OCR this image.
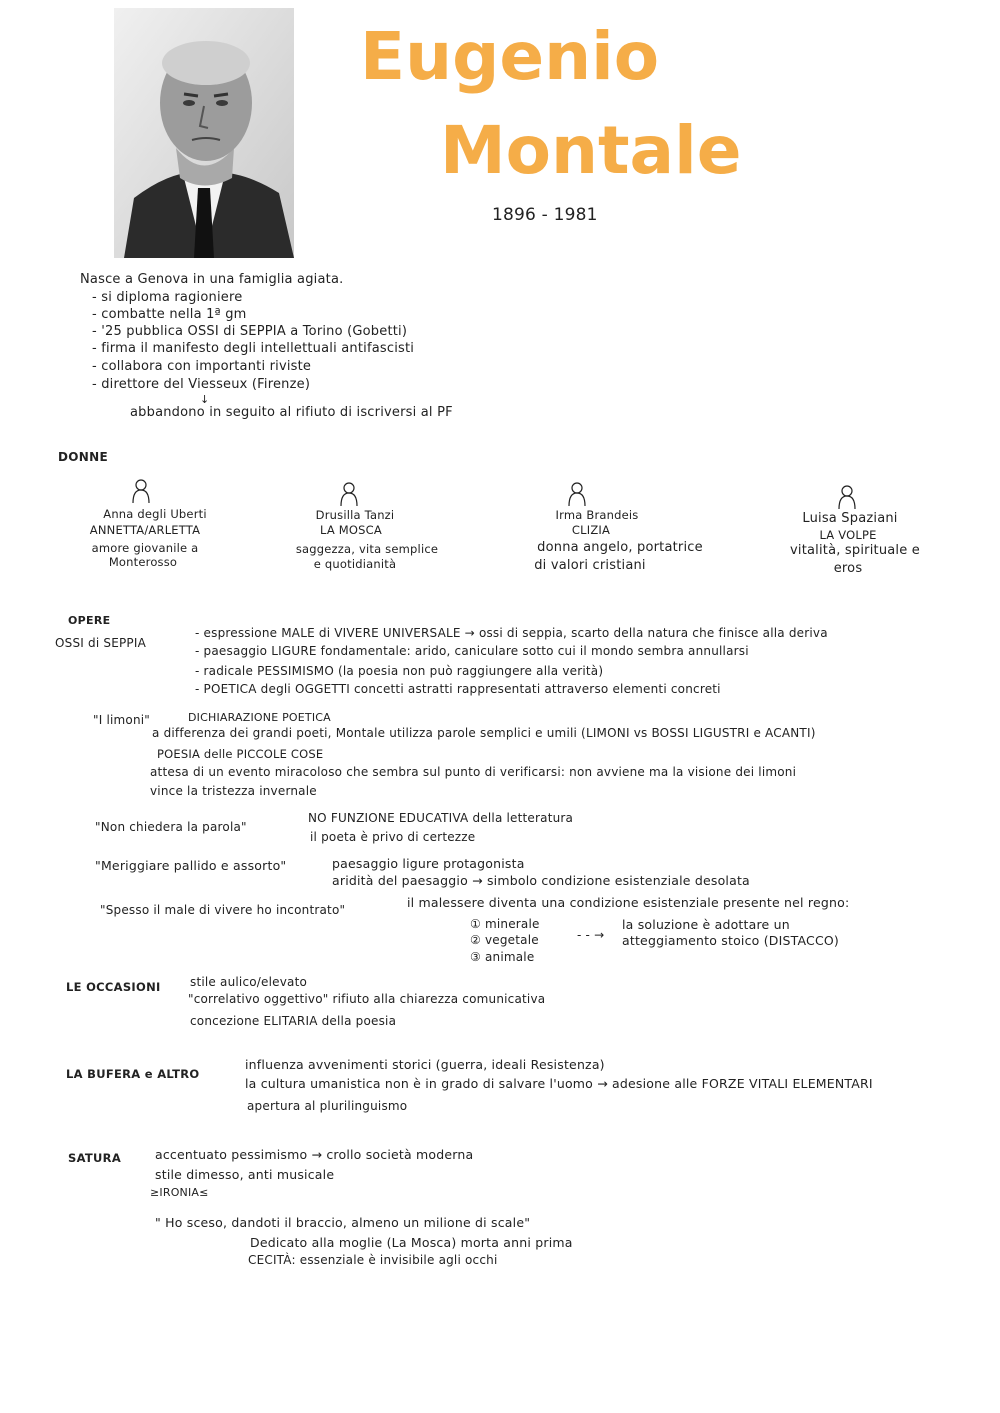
Eugenio
Montale
1896 - 1981
Nasce a Genova in una famiglia agiata.
- si diploma ragioniere
- combatte nella 1ª gm
- '25 pubblica OSSI di SEPPIA a Torino (Gobetti)
- firma il manifesto degli intellettuali antifascisti
- collabora con importanti riviste
- direttore del Viesseux (Firenze)
↓
abbandono in seguito al rifiuto di iscriversi al PF
DONNE
Anna degli Uberti
ANNETTA/ARLETTA
amore giovanile a
Monterosso
Drusilla Tanzi
LA MOSCA
saggezza, vita semplice
e quotidianità
Irma Brandeis
CLIZIA
donna angelo, portatrice
di valori cristiani
Luisa Spaziani
LA VOLPE
vitalità, spirituale e
eros
OPERE
OSSI di SEPPIA
- espressione MALE di VIVERE UNIVERSALE → ossi di seppia, scarto della natura che finisce alla deriva
- paesaggio LIGURE fondamentale: arido, caniculare sotto cui il mondo sembra annullarsi
- radicale PESSIMISMO (la poesia non può raggiungere alla verità)
- POETICA degli OGGETTI concetti astratti rappresentati attraverso elementi concreti
"I limoni"	DICHIARAZIONE POETICA
a differenza dei grandi poeti, Montale utilizza parole semplici e umili (LIMONI vs BOSSI LIGUSTRI e ACANTI)
POESIA delle PICCOLE COSE
attesa di un evento miracoloso che sembra sul punto di verificarsi: non avviene ma la visione dei limoni
vince la tristezza invernale
"Non chiedera la parola"
NO FUNZIONE EDUCATIVA della letteratura
il poeta è privo di certezze
"Meriggiare pallido e assorto"	paesaggio ligure protagonista
aridità del paesaggio → simbolo condizione esistenziale desolata
"Spesso il male di vivere ho incontrato"	il malessere diventa una condizione esistenziale presente nel regno:
① minerale
② vegetale
③ animale
- - →
la soluzione è adottare un
atteggiamento stoico (DISTACCO)
LE OCCASIONI stile aulico/elevato
"correlativo oggettivo" rifiuto alla chiarezza comunicativa
concezione ELITARIA della poesia
LA BUFERA e ALTRO
influenza avvenimenti storici (guerra, ideali Resistenza)
la cultura umanistica non è in grado di salvare l'uomo → adesione alle FORZE VITALI ELEMENTARI
apertura al plurilinguismo
SATURA	accentuato pessimismo → crollo società moderna
stile dimesso, anti musicale
≥IRONIA≤
" Ho sceso, dandoti il braccio, almeno un milione di scale"
Dedicato alla moglie (La Mosca) morta anni prima
CECITÀ: essenziale è invisibile agli occhi
